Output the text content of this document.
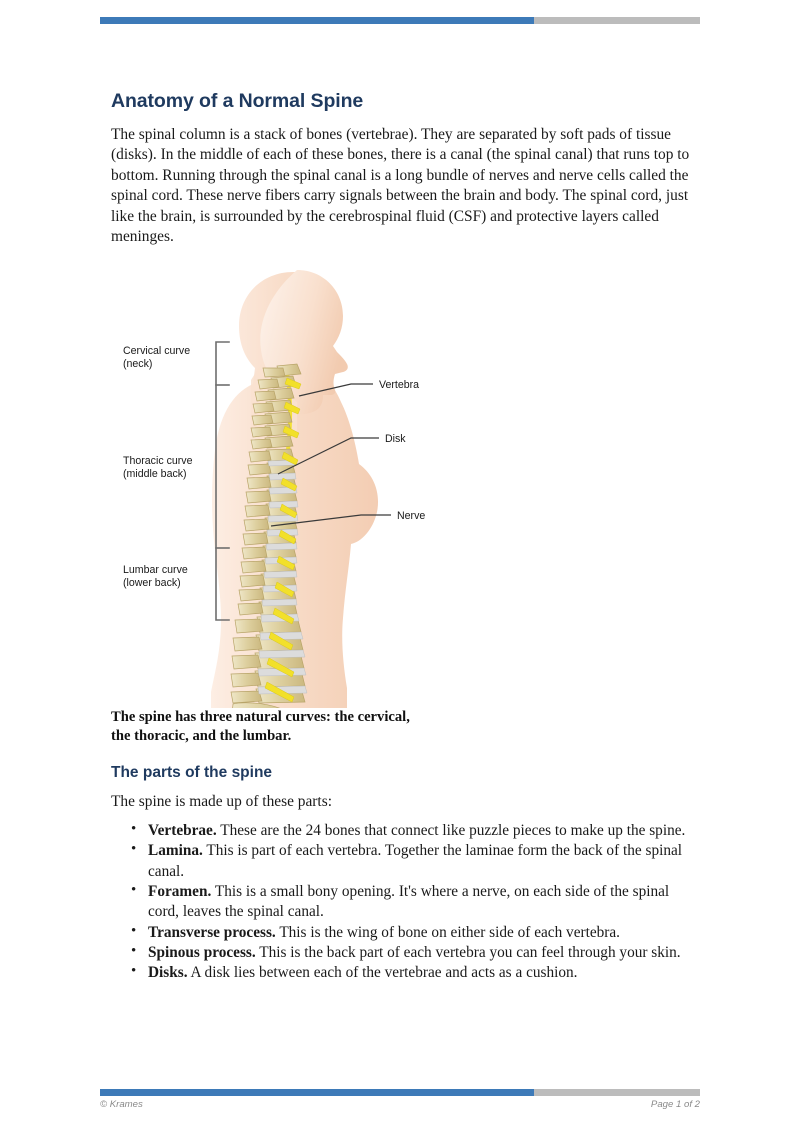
Anatomy of a Normal Spine

The spinal column is a stack of bones (vertebrae). They are separated by soft pads of tissue (disks). In the middle of each of these bones, there is a canal (the spinal canal) that runs top to bottom. Running through the spinal canal is a long bundle of nerves and nerve cells called the spinal cord. These nerve fibers carry signals between the brain and body. The spinal cord, just like the brain, is surrounded by the cerebrospinal fluid (CSF) and protective layers called meninges.

Cervical curve
(neck)
Thoracic curve
(middle back)
Lumbar curve
(lower back)
Vertebra
Disk
Nerve

The spine has three natural curves: the cervical, the thoracic, and the lumbar.

The parts of the spine

The spine is made up of these parts:

• Vertebrae. These are the 24 bones that connect like puzzle pieces to make up the spine.
• Lamina. This is part of each vertebra. Together the laminae form the back of the spinal canal.
• Foramen. This is a small bony opening. It's where a nerve, on each side of the spinal cord, leaves the spinal canal.
• Transverse process. This is the wing of bone on either side of each vertebra.
• Spinous process. This is the back part of each vertebra you can feel through your skin.
• Disks. A disk lies between each of the vertebrae and acts as a cushion.
© Krames	Page 1 of 2
